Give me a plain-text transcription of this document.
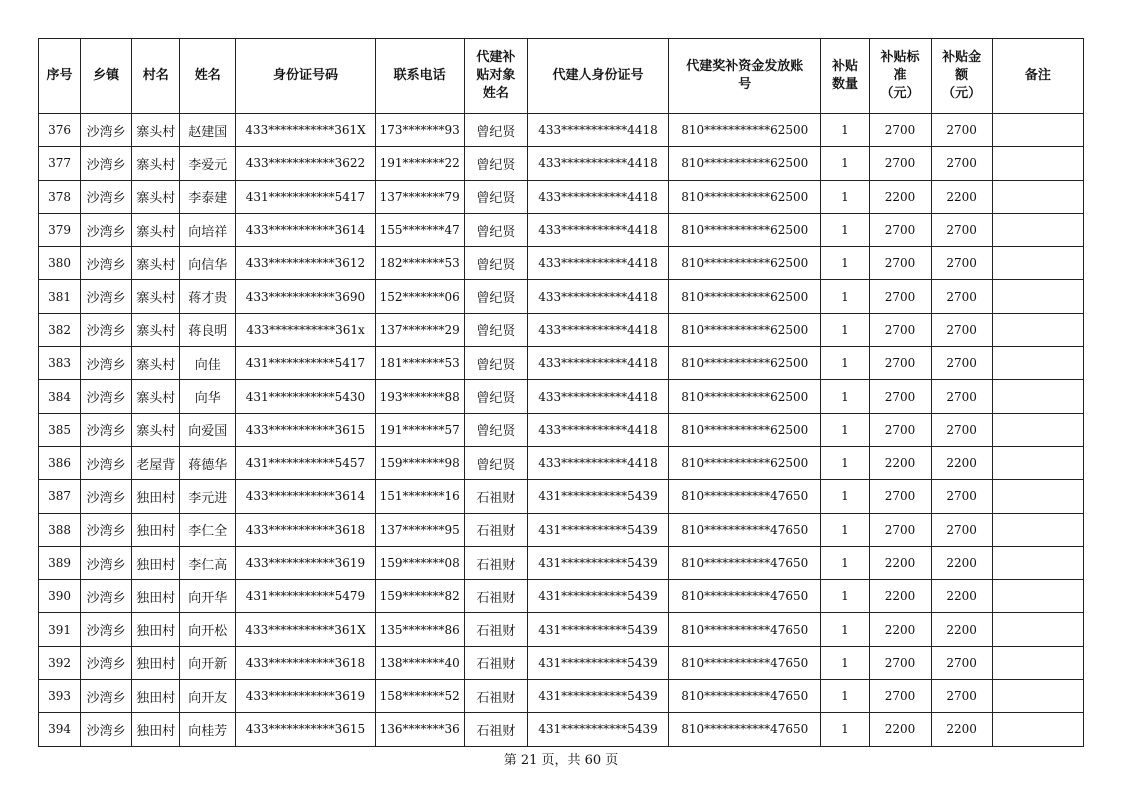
序号	乡镇	村名	姓名	身份证号码	联系电话	代建补贴对象姓名	代建人身份证号	代建奖补资金发放账号	补贴数量	补贴标准（元）	补贴金额（元）	备注
376	沙湾乡	寨头村	赵建国	433***********361X	173*******93	曾纪贤	433***********4418	810***********62500	1	2700	2700	
377	沙湾乡	寨头村	李爱元	433***********3622	191*******22	曾纪贤	433***********4418	810***********62500	1	2700	2700	
378	沙湾乡	寨头村	李泰建	431***********5417	137*******79	曾纪贤	433***********4418	810***********62500	1	2200	2200	
379	沙湾乡	寨头村	向培祥	433***********3614	155*******47	曾纪贤	433***********4418	810***********62500	1	2700	2700	
380	沙湾乡	寨头村	向信华	433***********3612	182*******53	曾纪贤	433***********4418	810***********62500	1	2700	2700	
381	沙湾乡	寨头村	蒋才贵	433***********3690	152*******06	曾纪贤	433***********4418	810***********62500	1	2700	2700	
382	沙湾乡	寨头村	蒋良明	433***********361x	137*******29	曾纪贤	433***********4418	810***********62500	1	2700	2700	
383	沙湾乡	寨头村	向佳	431***********5417	181*******53	曾纪贤	433***********4418	810***********62500	1	2700	2700	
384	沙湾乡	寨头村	向华	431***********5430	193*******88	曾纪贤	433***********4418	810***********62500	1	2700	2700	
385	沙湾乡	寨头村	向爱国	433***********3615	191*******57	曾纪贤	433***********4418	810***********62500	1	2700	2700	
386	沙湾乡	老屋背	蒋德华	431***********5457	159*******98	曾纪贤	433***********4418	810***********62500	1	2200	2200	
387	沙湾乡	独田村	李元进	433***********3614	151*******16	石祖财	431***********5439	810***********47650	1	2700	2700	
388	沙湾乡	独田村	李仁全	433***********3618	137*******95	石祖财	431***********5439	810***********47650	1	2700	2700	
389	沙湾乡	独田村	李仁高	433***********3619	159*******08	石祖财	431***********5439	810***********47650	1	2200	2200	
390	沙湾乡	独田村	向开华	431***********5479	159*******82	石祖财	431***********5439	810***********47650	1	2200	2200	
391	沙湾乡	独田村	向开松	433***********361X	135*******86	石祖财	431***********5439	810***********47650	1	2200	2200	
392	沙湾乡	独田村	向开新	433***********3618	138*******40	石祖财	431***********5439	810***********47650	1	2700	2700	
393	沙湾乡	独田村	向开友	433***********3619	158*******52	石祖财	431***********5439	810***********47650	1	2700	2700	
394	沙湾乡	独田村	向桂芳	433***********3615	136*******36	石祖财	431***********5439	810***********47650	1	2200	2200	
第 21 页，共 60 页
